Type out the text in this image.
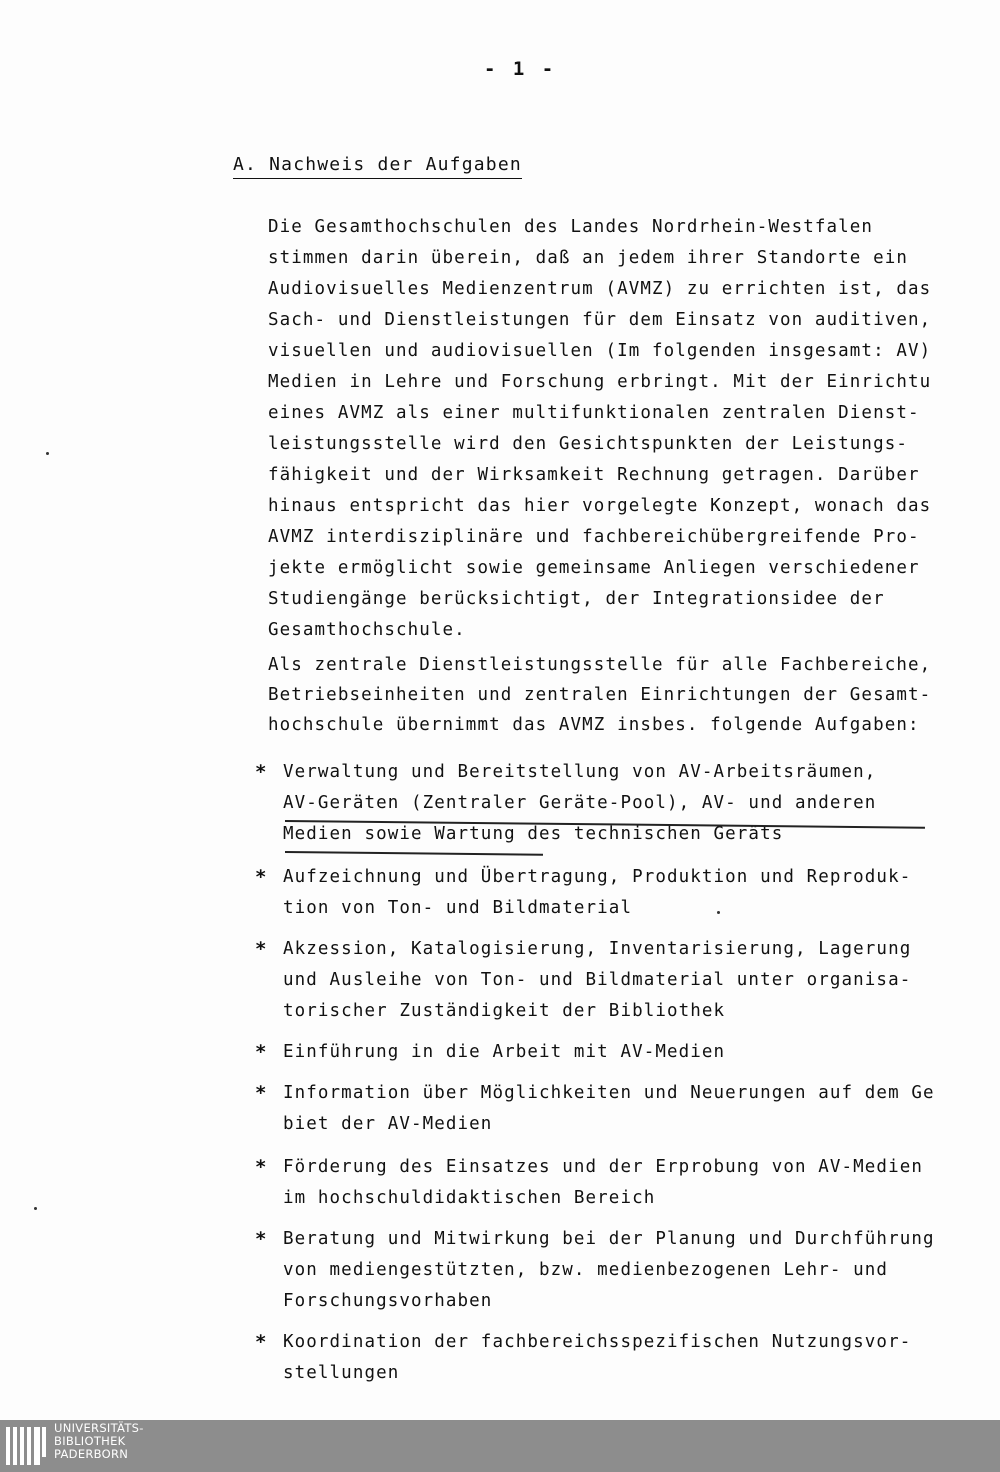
- 1 -
A. Nachweis der Aufgaben
Die Gesamthochschulen des Landes Nordrhein-Westfalen
stimmen darin überein, daß an jedem ihrer Standorte ein
Audiovisuelles Medienzentrum (AVMZ) zu errichten ist, das
Sach- und Dienstleistungen für dem Einsatz von auditiven,
visuellen und audiovisuellen (Im folgenden insgesamt: AV)
Medien in Lehre und Forschung erbringt. Mit der Einrichtu
eines AVMZ als einer multifunktionalen zentralen Dienst-
leistungsstelle wird den Gesichtspunkten der Leistungs-
fähigkeit und der Wirksamkeit Rechnung getragen. Darüber
hinaus entspricht das hier vorgelegte Konzept, wonach das
AVMZ interdisziplinäre und fachbereichübergreifende Pro-
jekte ermöglicht sowie gemeinsame Anliegen verschiedener
Studiengänge berücksichtigt, der Integrationsidee der
Gesamthochschule.
Als zentrale Dienstleistungsstelle für alle Fachbereiche,
Betriebseinheiten und zentralen Einrichtungen der Gesamt-
hochschule übernimmt das AVMZ insbes. folgende Aufgaben:

*

Verwaltung und Bereitstellung von AV-Arbeitsräumen,
AV-Geräten (Zentraler Geräte-Pool), AV- und anderen
Medien sowie Wartung des technischen Geräts

*

Aufzeichnung und Übertragung, Produktion und Reproduk-
tion von Ton- und Bildmaterial

*

Akzession, Katalogisierung, Inventarisierung, Lagerung
und Ausleihe von Ton- und Bildmaterial unter organisa-
torischer Zuständigkeit der Bibliothek

*

Einführung in die Arbeit mit AV-Medien

*

Information über Möglichkeiten und Neuerungen auf dem Ge
biet der AV-Medien

*

Förderung des Einsatzes und der Erprobung von AV-Medien
im hochschuldidaktischen Bereich

*

Beratung und Mitwirkung bei der Planung und Durchführung
von mediengestützten, bzw. medienbezogenen Lehr- und
Forschungsvorhaben

*

Koordination der fachbereichsspezifischen Nutzungsvor-
stellungen

UNIVERSITÄTS-
BIBLIOTHEK
PADERBORN
